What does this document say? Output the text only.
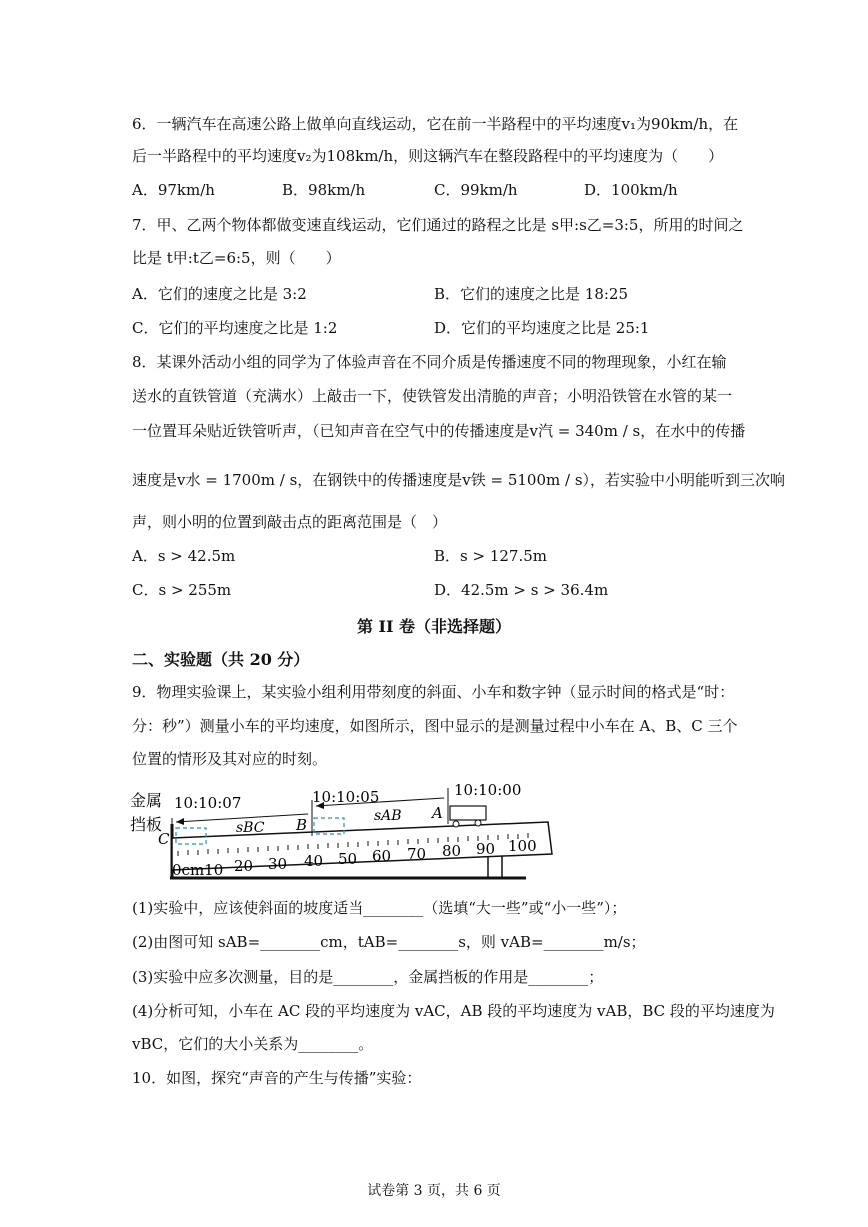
6．一辆汽车在高速公路上做单向直线运动，它在前一半路程中的平均速度v₁为90km/h，在
后一半路程中的平均速度v₂为108km/h，则这辆汽车在整段路程中的平均速度为（　　）
A．97km/h	B．98km/h	C．99km/h	D．100km/h
7．甲、乙两个物体都做变速直线运动，它们通过的路程之比是 s甲:s乙=3:5，所用的时间之
比是 t甲:t乙=6:5，则（　　）
A．它们的速度之比是 3:2	B．它们的速度之比是 18:25
C．它们的平均速度之比是 1:2	D．它们的平均速度之比是 25:1
8．某课外活动小组的同学为了体验声音在不同介质是传播速度不同的物理现象，小红在输
送水的直铁管道（充满水）上敲击一下，使铁管发出清脆的声音；小明沿铁管在水管的某一
一位置耳朵贴近铁管听声，（已知声音在空气中的传播速度是v汽 = 340m / s，在水中的传播
速度是v水 = 1700m / s，在钢铁中的传播速度是v铁 = 5100m / s），若实验中小明能听到三次响
声，则小明的位置到敲击点的距离范围是（　）
A．s > 42.5m	B．s > 127.5m
C．s > 255m	D．42.5m > s > 36.4m
第 II 卷（非选择题）
二、实验题（共 20 分）
9．物理实验课上，某实验小组利用带刻度的斜面、小车和数字钟（显示时间的格式是“时：
分：秒”）测量小车的平均速度，如图所示，图中显示的是测量过程中小车在 A、B、C 三个
位置的情形及其对应的时刻。
0cm10 20 30 40 50 60 70 80 90 100
金属
挡板
10:10:07	10:10:05	10:10:00
C
B
A
sBC
sAB
(1)实验中，应该使斜面的坡度适当________（选填“大一些”或“小一些”）；
(2)由图可知 sAB=________cm，tAB=________s，则 vAB=________m/s；
(3)实验中应多次测量，目的是________，金属挡板的作用是________；
(4)分析可知，小车在 AC 段的平均速度为 vAC，AB 段的平均速度为 vAB，BC 段的平均速度为
vBC，它们的大小关系为________。
10．如图，探究“声音的产生与传播”实验：
试卷第 3 页，共 6 页
